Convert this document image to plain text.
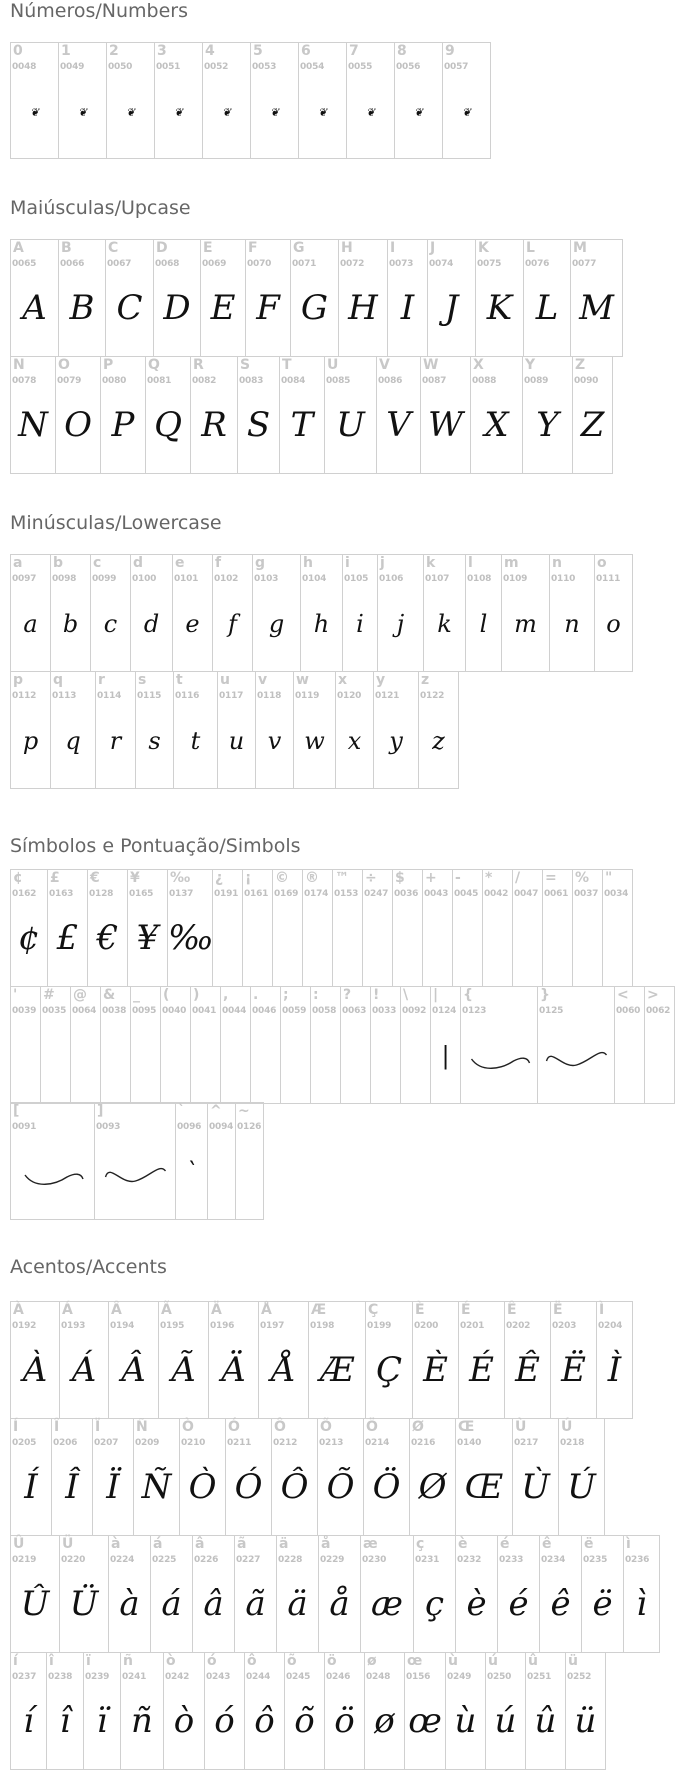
Números/Numbers
0
0048
❦
1
0049
❦
2
0050
❦
3
0051
❦
4
0052
❦
5
0053
❦
6
0054
❦
7
0055
❦
8
0056
❦
9
0057
❦
Maiúsculas/Upcase
A
0065
A
B
0066
B
C
0067
C
D
0068
D
E
0069
E
F
0070
F
G
0071
G
H
0072
H
I
0073
I
J
0074
J
K
0075
K
L
0076
L
M
0077
M
N
0078
N
O
0079
O
P
0080
P
Q
0081
Q
R
0082
R
S
0083
S
T
0084
T
U
0085
U
V
0086
V
W
0087
W
X
0088
X
Y
0089
Y
Z
0090
Z
Minúsculas/Lowercase
a
0097
a
b
0098
b
c
0099
c
d
0100
d
e
0101
e
f
0102
f
g
0103
g
h
0104
h
i
0105
i
j
0106
j
k
0107
k
l
0108
l
m
0109
m
n
0110
n
o
0111
o
p
0112
p
q
0113
q
r
0114
r
s
0115
s
t
0116
t
u
0117
u
v
0118
v
w
0119
w
x
0120
x
y
0121
y
z
0122
z
Símbolos e Pontuação/Simbols
¢
0162
¢
£
0163
£
€
0128
€
¥
0165
¥
‰
0137
‰
¿
0191
¡
0161
©
0169
®
0174
™
0153
÷
0247
$
0036
+
0043
-
0045
*
0042
/
0047
=
0061
%
0037
"
0034
'
0039
#
0035
@
0064
&
0038
_
0095
(
0040
)
0041
,
0044
.
0046
;
0059
:
0058
?
0063
!
0033
\
0092
|
0124
|
{
0123
}
0125
<
0060
>
0062
[
0091
]
0093
`
0096
`
^
0094
~
0126
Acentos/Accents
À
0192
À
Á
0193
Á
Â
0194
Â
Ã
0195
Ã
Ä
0196
Ä
Å
0197
Å
Æ
0198
Æ
Ç
0199
Ç
È
0200
È
É
0201
É
Ê
0202
Ê
Ë
0203
Ë
Ì
0204
Ì
Í
0205
Í
Î
0206
Î
Ï
0207
Ï
Ñ
0209
Ñ
Ò
0210
Ò
Ó
0211
Ó
Ô
0212
Ô
Õ
0213
Õ
Ö
0214
Ö
Ø
0216
Ø
Œ
0140
Œ
Ù
0217
Ù
Ú
0218
Ú
Û
0219
Û
Ü
0220
Ü
à
0224
à
á
0225
á
â
0226
â
ã
0227
ã
ä
0228
ä
å
0229
å
æ
0230
æ
ç
0231
ç
è
0232
è
é
0233
é
ê
0234
ê
ë
0235
ë
ì
0236
ì
í
0237
í
î
0238
î
ï
0239
ï
ñ
0241
ñ
ò
0242
ò
ó
0243
ó
ô
0244
ô
õ
0245
õ
ö
0246
ö
ø
0248
ø
œ
0156
œ
ù
0249
ù
ú
0250
ú
û
0251
û
ü
0252
ü
